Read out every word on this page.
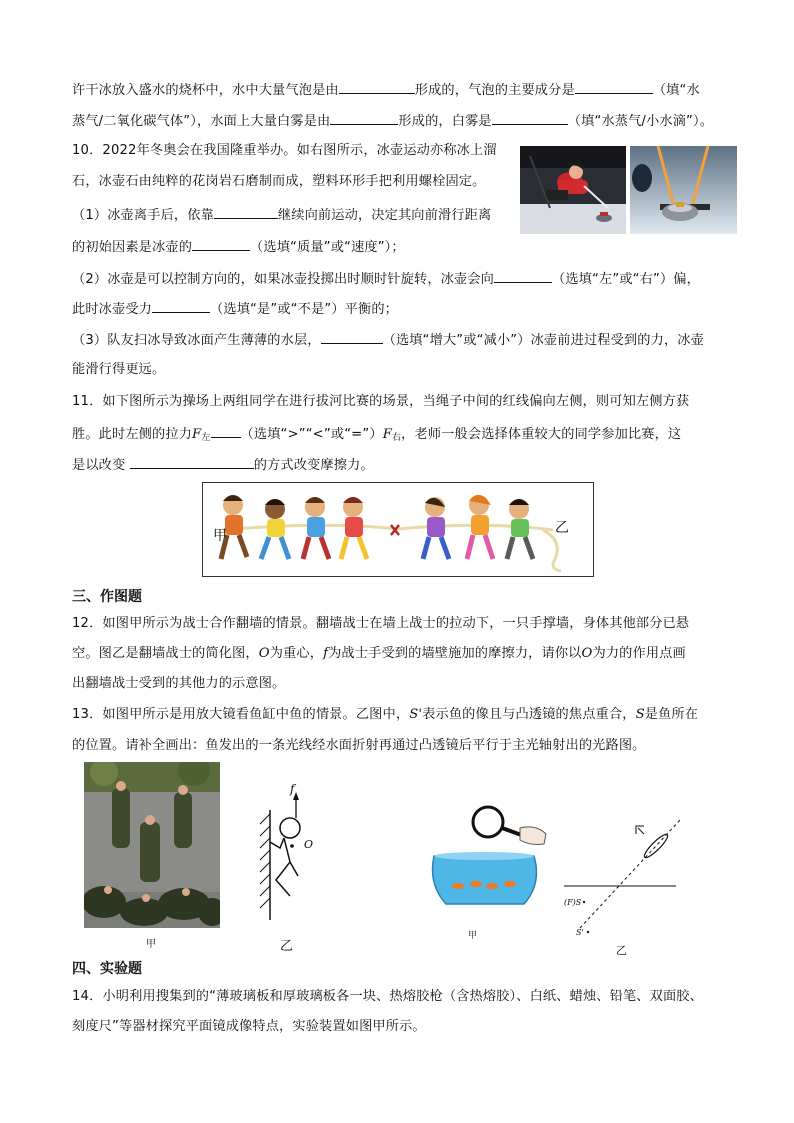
许干冰放入盛水的烧杯中，水中大量气泡是由	形成的，气泡的主要成分是	（填“水
蒸气/二氧化碳气体”），水面上大量白雾是由	形成的，白雾是	（填“水蒸气/小水滴”）。
10．2022年冬奥会在我国隆重举办。如右图所示，冰壶运动亦称冰上溜
石，冰壶石由纯粹的花岗岩石磨制而成，塑料环形手把利用螺栓固定。
（1）冰壶离手后，依靠	继续向前运动，决定其向前滑行距离
的初始因素是冰壶的	（选填“质量”或“速度”）；
（2）冰壶是可以控制方向的，如果冰壶投掷出时顺时针旋转，冰壶会向	（选填“左”或“右”）偏，
此时冰壶受力	（选填“是”或“不是”）平衡的；
（3）队友扫冰导致冰面产生薄薄的水层，	（选填“增大”或“减小”）冰壶前进过程受到的力，冰壶
能滑行得更远。
11．如下图所示为操场上两组同学在进行拔河比赛的场景，当绳子中间的红线偏向左侧，则可知左侧方获
胜。此时左侧的拉力$F_左$ （选填“>”“<”或“$=”)F_右$，老师一般会选择体重较大的同学参加比赛，这
是以改变	的方式改变摩擦力。
甲	乙
三、作图题
12．如图甲所示为战士合作翻墙的情景。翻墙战士在墙上战士的拉动下，一只手撑墙，身体其他部分已悬
空。图乙是翻墙战士的简化图，O为重心，f为战士手受到的墙壁施加的摩擦力，请你以O为力的作用点画
出翻墙战士受到的其他力的示意图。
13．如图甲所示是用放大镜看鱼缸中鱼的情景。乙图中，S'表示鱼的像且与凸透镜的焦点重合，S是鱼所在
的位置。请补全画出：鱼发出的一条光线经水面折射再通过凸透镜后平行于主光轴射出的光路图。
甲
f
O
乙
甲
(F)S
S'
乙
四、实验题
14．小明利用搜集到的“薄玻璃板和厚玻璃板各一块、热熔胶枪（含热熔胶）、白纸、蜡烛、铅笔、双面胶、
刻度尺”等器材探究平面镜成像特点，实验装置如图甲所示。
